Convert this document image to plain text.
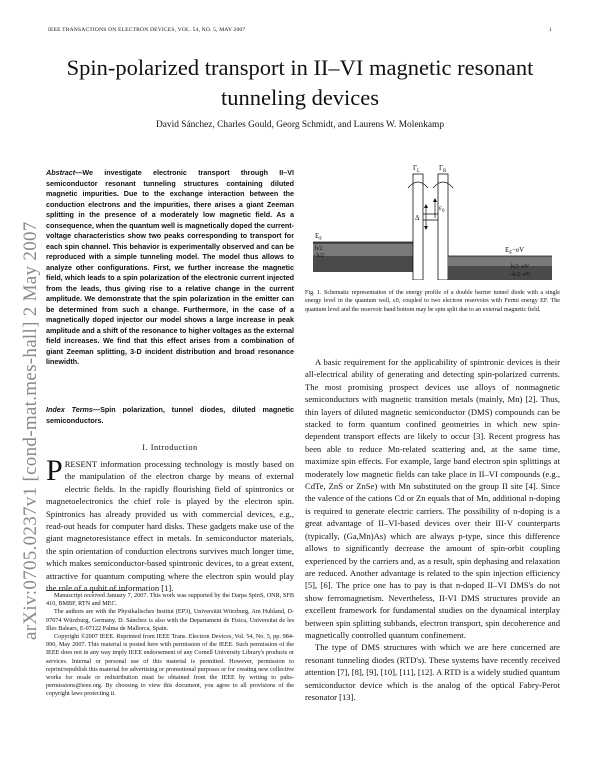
IEEE TRANSACTIONS ON ELECTRON DEVICES, VOL. 54, NO. 5, MAY 2007	1
arXiv:0705.0237v1 [cond-mat.mes-hall] 2 May 2007
Spin-polarized transport in II–VI magnetic resonant tunneling devices
David Sánchez, Charles Gould, Georg Schmidt, and Laurens W. Molenkamp
Abstract—We investigate electronic transport through II–VI semiconductor resonant tunneling structures containing diluted magnetic impurities. Due to the exchange interaction between the conduction electrons and the impurities, there arises a giant Zeeman splitting in the presence of a moderately low magnetic field. As a consequence, when the quantum well is magnetically doped the current-voltage characteristics show two peaks corresponding to transport for each spin channel. This behavior is experimentally observed and can be reproduced with a simple tunneling model. The model thus allows to analyze other configurations. First, we further increase the magnetic field, which leads to a spin polarization of the electronic current injected from the leads, thus giving rise to a relative change in the current amplitude. We demonstrate that the spin polarization in the emitter can be determined from such a change. Furthermore, in the case of a magnetically doped injector our model shows a large increase in peak amplitude and a shift of the resonance to higher voltages as the external field increases. We find that this effect arises from a combination of giant Zeeman splitting, 3-D incident distribution and broad resonance linewidth.
Index Terms—Spin polarization, tunnel diodes, diluted magnetic semiconductors.
I. Introduction
PRESENT information processing technology is mostly based on the manipulation of the electron charge by means of external electric fields. In the rapidly flourishing field of spintronics or magnetoelectronics the chief role is played by the electron spin. Spintronics has already provided us with commercial devices, e.g., read-out heads for computer hard disks. These gadgets make use of the giant magnetoresistance effect in metals. In semiconductor materials, the spin orientation of conduction electrons survives much longer time, which makes semiconductor-based spintronic devices, to a great extent, attractive for quantum computing where the electron spin would play the role of a qubit of information [1].

Manuscript received January 7, 2007. This work was supported by the Darpa SpinS, ONR, SFB 410, BMBF, RTN and MEC.

The authors are with the Physikalisches Institut (EP3), Universität Würzburg, Am Hubland, D-97074 Würzburg, Germany. D. Sánchez is also with the Departament de Física, Universitat de les Illes Balears, E-07122 Palma de Mallorca, Spain.

Copyright ©2007 IEEE. Reprinted from IEEE Trans. Electron Devices, Vol. 54, No. 5, pp. 984-990, May 2007. This material is posted here with permission of the IEEE. Such permission of the IEEE does not in any way imply IEEE endorsement of any Cornell University Library's products or services. Internal or personal use of this material is permitted. However, permission to reprint/republish this material for advertising or promotional purposes or for creating new collective works for resale or redistribution must be obtained from the IEEE by writing to pubs-permissions@ieee.org. By choosing to view this document, you agree to all provisions of the copyright laws protecting it.

$\Gamma_L$	$\Gamma_R$
Δ
$\varepsilon_0$
$E_F$
h/2
−h/2
$E_F-eV$
h/2−eV
−h/2−eV
Fig. 1. Schematic representation of the energy profile of a double barrier tunnel diode with a single energy level in the quantum well, ε0, coupled to two electron reservoirs with Fermi energy EF. The quantum level and the reservoir band bottom may be spin split due to an external magnetic field.

A basic requirement for the applicability of spintronic devices is their all-electrical ability of generating and detecting spin-polarized currents. The most promising prospect devices use alloys of nonmagnetic semiconductors with magnetic transition metals (mainly, Mn) [2]. Thus, thin layers of diluted magnetic semiconductor (DMS) compounds can be stacked to form quantum confined geometries in which new spin-dependent transport effects are likely to occur [3]. Recent progress has been able to reduce Mn-related scattering and, at the same time, maximize spin effects. For example, large band electron spin splittings at moderately low magnetic fields can take place in II–VI compounds (e.g., CdTe, ZnS or ZnSe) with Mn substituted on the group II site [4]. Since the valence of the cations Cd or Zn equals that of Mn, additional n-doping is required to generate electric carriers. The possibility of n-doping is a great advantage of II–VI-based devices over their III-V counterparts (typically, (Ga,Mn)As) which are always p-type, since this difference allows to significantly decrease the amount of spin-orbit coupling experienced by the carriers and, as a result, spin dephasing and relaxation are reduced. Another advantage is related to the spin injection efficiency [5], [6]. The price one has to pay is that n-doped II–VI DMS's do not show ferromagnetism. Nevertheless, II-VI DMS structures provide an excellent framework for fundamental studies on the dynamical interplay between spin splitting subbands, electron transport, spin decoherence and magnetically controlled quantum confinement.

The type of DMS structures with which we are here concerned are resonant tunneling diodes (RTD's). These systems have recently received attention [7], [8], [9], [10], [11], [12]. A RTD is a widely studied quantum semiconductor device which is the analog of the optical Fabry-Perot resonator [13].
